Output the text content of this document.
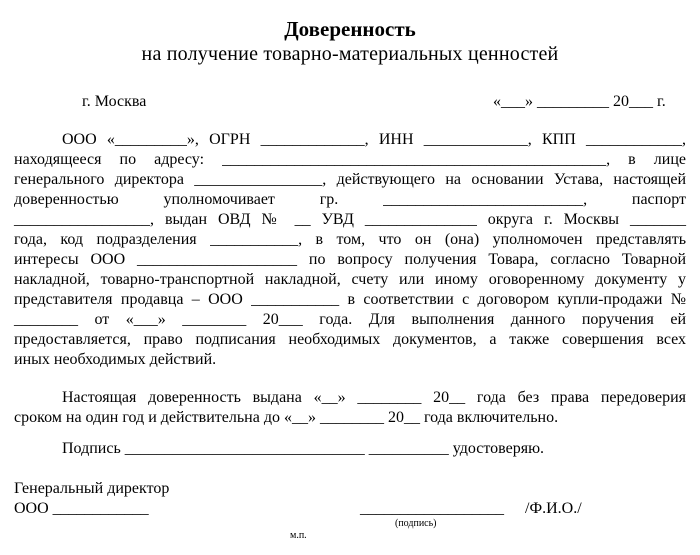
Доверенность
на получение товарно-материальных ценностей
г. Москва	«___» _________ 20___ г.
ООО «_________», ОГРН _____________, ИНН _____________, КПП ____________,
находящееся по адресу: ________________________________________________, в лице
генерального директора ________________, действующего на основании Устава, настоящей
доверенностью уполномочивает гр. _________________________, паспорт
_________________, выдан ОВД № __ УВД ______________ округа г. Москвы _______
года, код подразделения ___________, в том, что он (она) уполномочен представлять
интересы ООО ____________________ по вопросу получения Товара, согласно Товарной
накладной, товарно-транспортной накладной, счету или иному оговоренному документу у
представителя продавца – ООО ___________ в соответствии с договором купли-продажи №
________ от «___» ________ 20___ года. Для выполнения данного поручения ей
предоставляется, право подписания необходимых документов, а также совершения всех
иных необходимых действий.
Настоящая доверенность выдана «__» ________ 20__ года без права передоверия
сроком на один год и действительна до «__» ________ 20__ года включительно.
Подпись ______________________________ __________ удостоверяю.
Генеральный директор
ООО ____________	__________________ /Ф.И.О./
(подпись)
м.п.
